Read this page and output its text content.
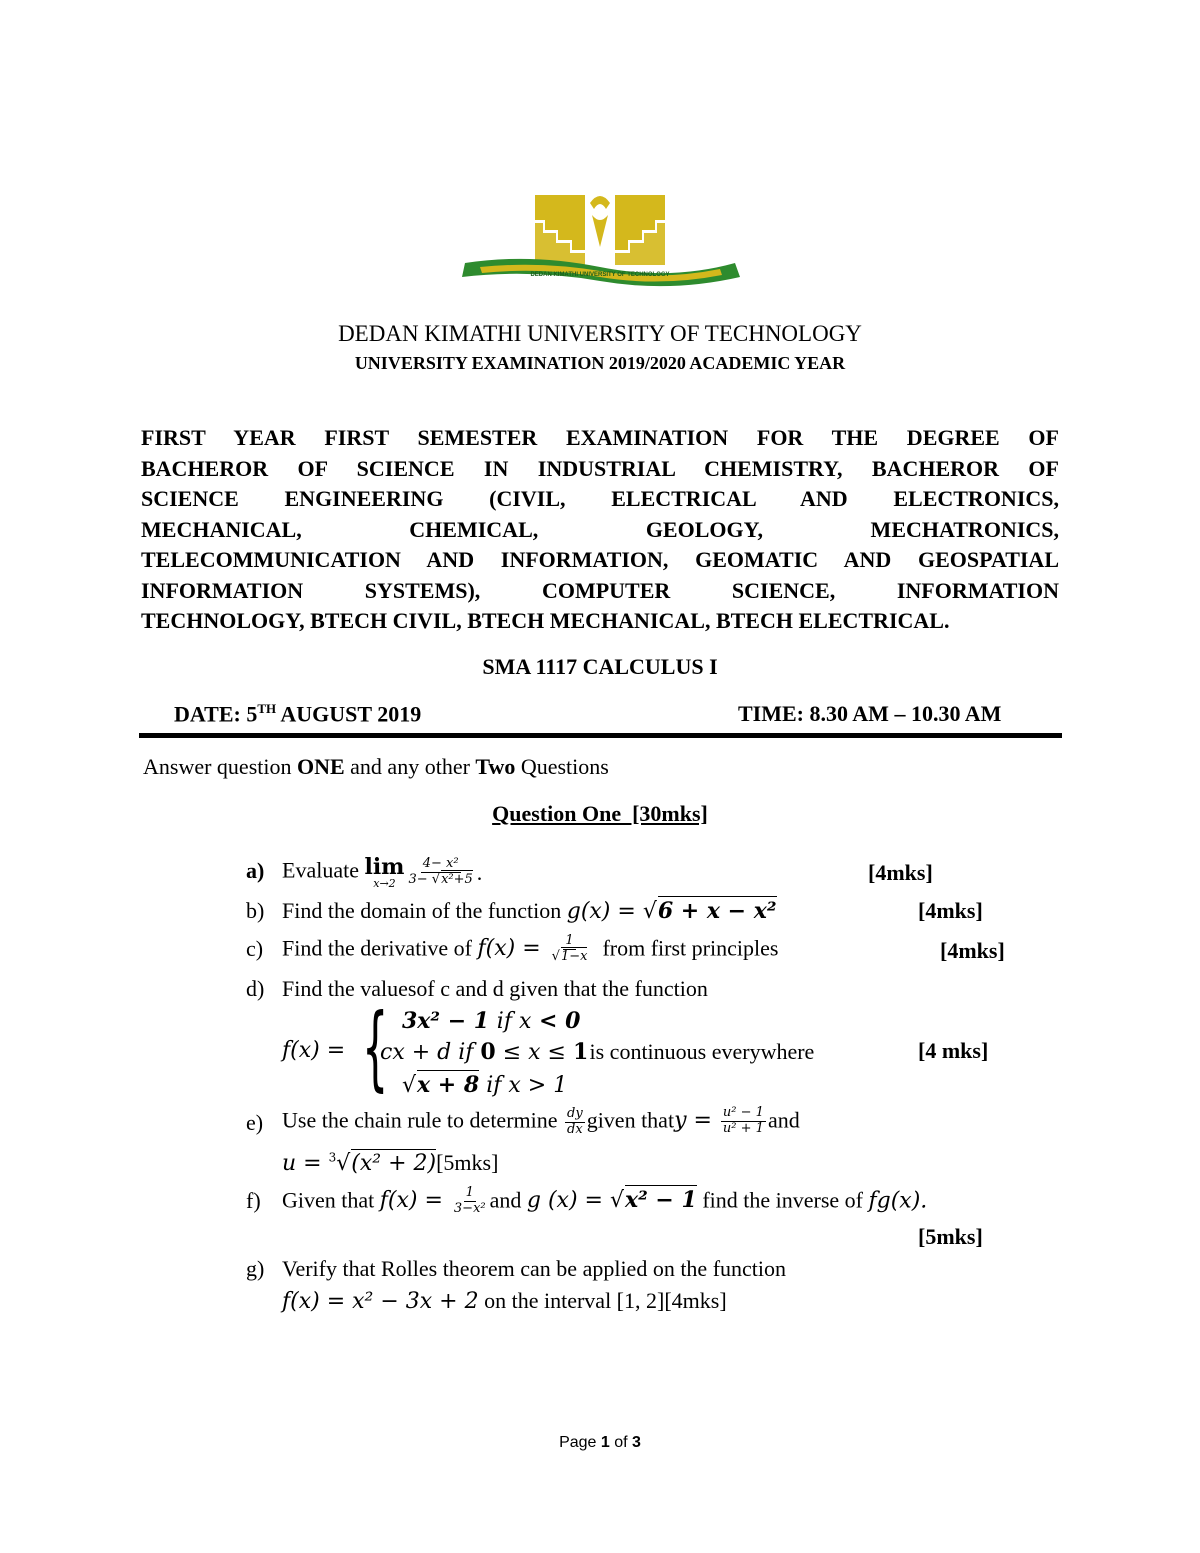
DEDAN KIMATHI UNIVERSITY OF TECHNOLOGY
DEDAN KIMATHI UNIVERSITY OF TECHNOLOGY
UNIVERSITY EXAMINATION 2019/2020 ACADEMIC YEAR
FIRST YEAR FIRST SEMESTER EXAMINATION FOR THE DEGREE OF
BACHEROR OF SCIENCE IN INDUSTRIAL CHEMISTRY, BACHEROR OF
SCIENCE ENGINEERING (CIVIL, ELECTRICAL AND ELECTRONICS,
MECHANICAL, CHEMICAL, GEOLOGY, MECHATRONICS,
TELECOMMUNICATION AND INFORMATION, GEOMATIC AND GEOSPATIAL
INFORMATION SYSTEMS), COMPUTER SCIENCE, INFORMATION
TECHNOLOGY, BTECH CIVIL, BTECH MECHANICAL, BTECH ELECTRICAL.
SMA 1117 CALCULUS I
DATE: 5TH AUGUST 2019	TIME: 8.30 AM – 10.30 AM
Answer question ONE and any other Two Questions
Question One  [30mks]
a) Evaluate lim
$x\to 2 \frac{\text{4− x²}}{\text{3− √x²+5}}$ .	[4mks]
b) Find the domain of the function g(x) = √6 + x − x²	[4mks]
c) Find the derivative of $f(x) = \frac{1}{√1-x}$ from first principles	[4mks]
d) Find the valuesof c and d given that the function
f(x) = { 3x² − 1 if x < 0
cx + d if 0 ≤ x ≤ 1
is continuous everywhere
√x + 8 if x > 1
[4 mks]
e) Use the chain rule to determine $\frac{dy}{dx}$ given thaty = $\frac{\text{u² − 1}}{\text{u² + 1}}$ and
u = $^3$√(x² + 2)[5mks]
f) Given that $f(x) = \frac{1}{\text{3−x²}}$ and g (x) = √x² − 1 find the inverse of fg(x).
[5mks]
g) Verify that Rolles theorem can be applied on the function
f(x) = x² − 3x + 2 on the interval [1, 2][4mks]
Page 1 of 3
